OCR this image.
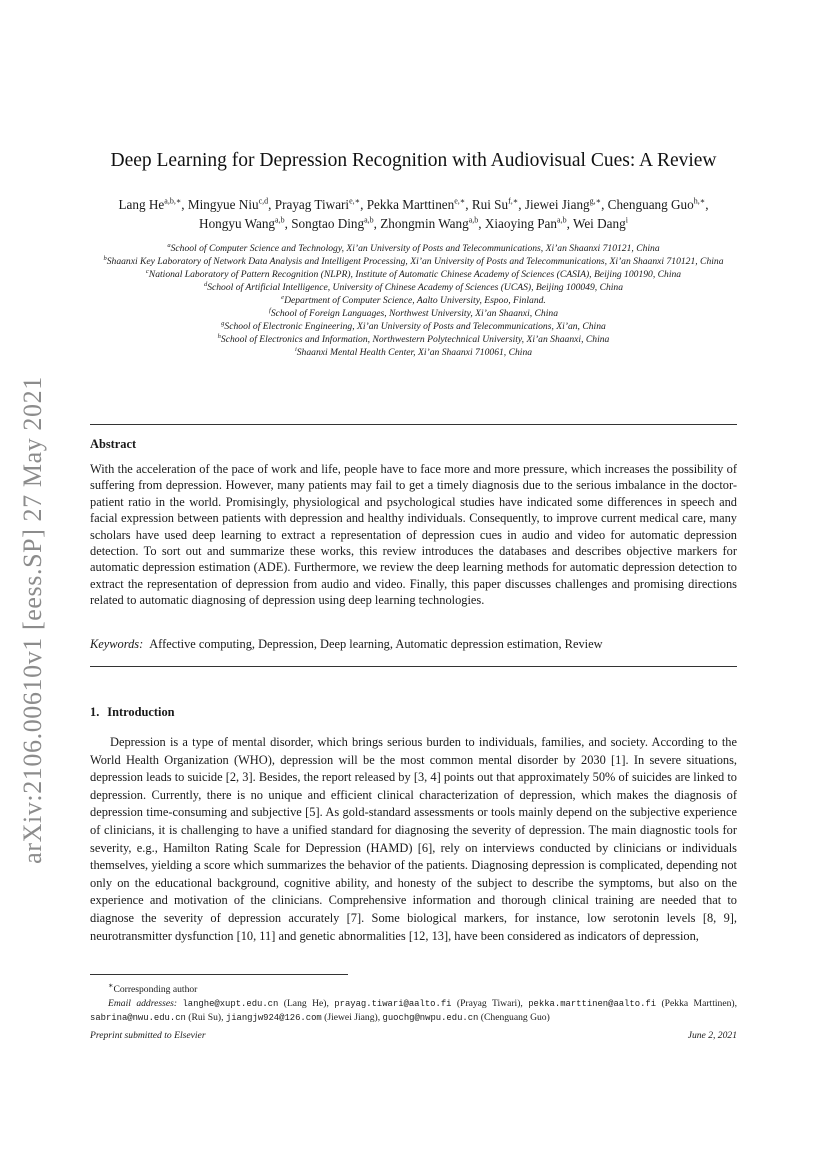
arXiv:2106.00610v1 [eess.SP] 27 May 2021
Deep Learning for Depression Recognition with Audiovisual Cues: A Review
Lang $He^{a,b,∗}$, Mingyue Niu$^{c,d}$, Prayag Tiwari$^{e,∗}$, Pekka Marttinen$^{e,∗}$, Rui $Su^{f,∗}$, Jiewei Jiang$^{g,∗}$, Chenguang Guo$^{h,∗}$,
Hongyu Wang$^{a,b}$, Songtao Ding$^{a,b}$, Zhongmin Wang$^{a,b}$, Xiaoying Pan$^{a,b}$, Wei Dang$^i$
$^a$School of Computer Science and Technology, Xi’an University of Posts and Telecommunications, Xi’an Shaanxi 710121, China
$^b$Shaanxi Key Laboratory of Network Data Analysis and Intelligent Processing, Xi’an University of Posts and Telecommunications, Xi’an Shaanxi 710121, China
$^c$National Laboratory of Pattern Recognition (NLPR), Institute of Automatic Chinese Academy of Sciences (CASIA), Beijing 100190, China
$^d$School of Artificial Intelligence, University of Chinese Academy of Sciences (UCAS), Beijing 100049, China
$^e$Department of Computer Science, Aalto University, Espoo, Finland.
$^f$School of Foreign Languages, Northwest University, Xi’an Shaanxi, China
$^g$School of Electronic Engineering, Xi’an University of Posts and Telecommunications, Xi’an, China
$^h$School of Electronics and Information, Northwestern Polytechnical University, Xi’an Shaanxi, China
$^i$Shaanxi Mental Health Center, Xi’an Shaanxi 710061, China
Abstract
With the acceleration of the pace of work and life, people have to face more and more pressure, which increases the possibility of suffering from depression. However, many patients may fail to get a timely diagnosis due to the serious imbalance in the doctor-patient ratio in the world. Promisingly, physiological and psychological studies have indicated some differences in speech and facial expression between patients with depression and healthy individuals. Consequently, to improve current medical care, many scholars have used deep learning to extract a representation of depression cues in audio and video for automatic depression detection. To sort out and summarize these works, this review introduces the databases and describes objective markers for automatic depression estimation (ADE). Furthermore, we review the deep learning methods for automatic depression detection to extract the representation of depression from audio and video. Finally, this paper discusses challenges and promising directions related to automatic diagnosing of depression using deep learning technologies.
Keywords: Affective computing, Depression, Deep learning, Automatic depression estimation, Review
1. Introduction
Depression is a type of mental disorder, which brings serious burden to individuals, families, and society. According to the World Health Organization (WHO), depression will be the most common mental disorder by 2030 [1]. In severe situations, depression leads to suicide [2, 3]. Besides, the report released by [3, 4] points out that approximately 50% of suicides are linked to depression. Currently, there is no unique and efficient clinical characterization of depression, which makes the diagnosis of depression time-consuming and subjective [5]. As gold-standard assessments or tools mainly depend on the subjective experience of clinicians, it is challenging to have a unified standard for diagnosing the severity of depression. The main diagnostic tools for severity, e.g., Hamilton Rating Scale for Depression (HAMD) [6], rely on interviews conducted by clinicians or individuals themselves, yielding a score which summarizes the behavior of the patients. Diagnosing depression is complicated, depending not only on the educational background, cognitive ability, and honesty of the subject to describe the symptoms, but also on the experience and motivation of the clinicians. Comprehensive information and thorough clinical training are needed that to diagnose the severity of depression accurately [7]. Some biological markers, for instance, low serotonin levels [8, 9], neurotransmitter dysfunction [10, 11] and genetic abnormalities [12, 13], have been considered as indicators of depression,
∗Corresponding author
Email addresses: langhe@xupt.edu.cn (Lang He), prayag.tiwari@aalto.fi (Prayag Tiwari), pekka.marttinen@aalto.fi (Pekka Marttinen), sabrina@nwu.edu.cn (Rui Su), jiangjw924@126.com (Jiewei Jiang), guochg@nwpu.edu.cn (Chenguang Guo)
Preprint submitted to Elsevier	June 2, 2021
